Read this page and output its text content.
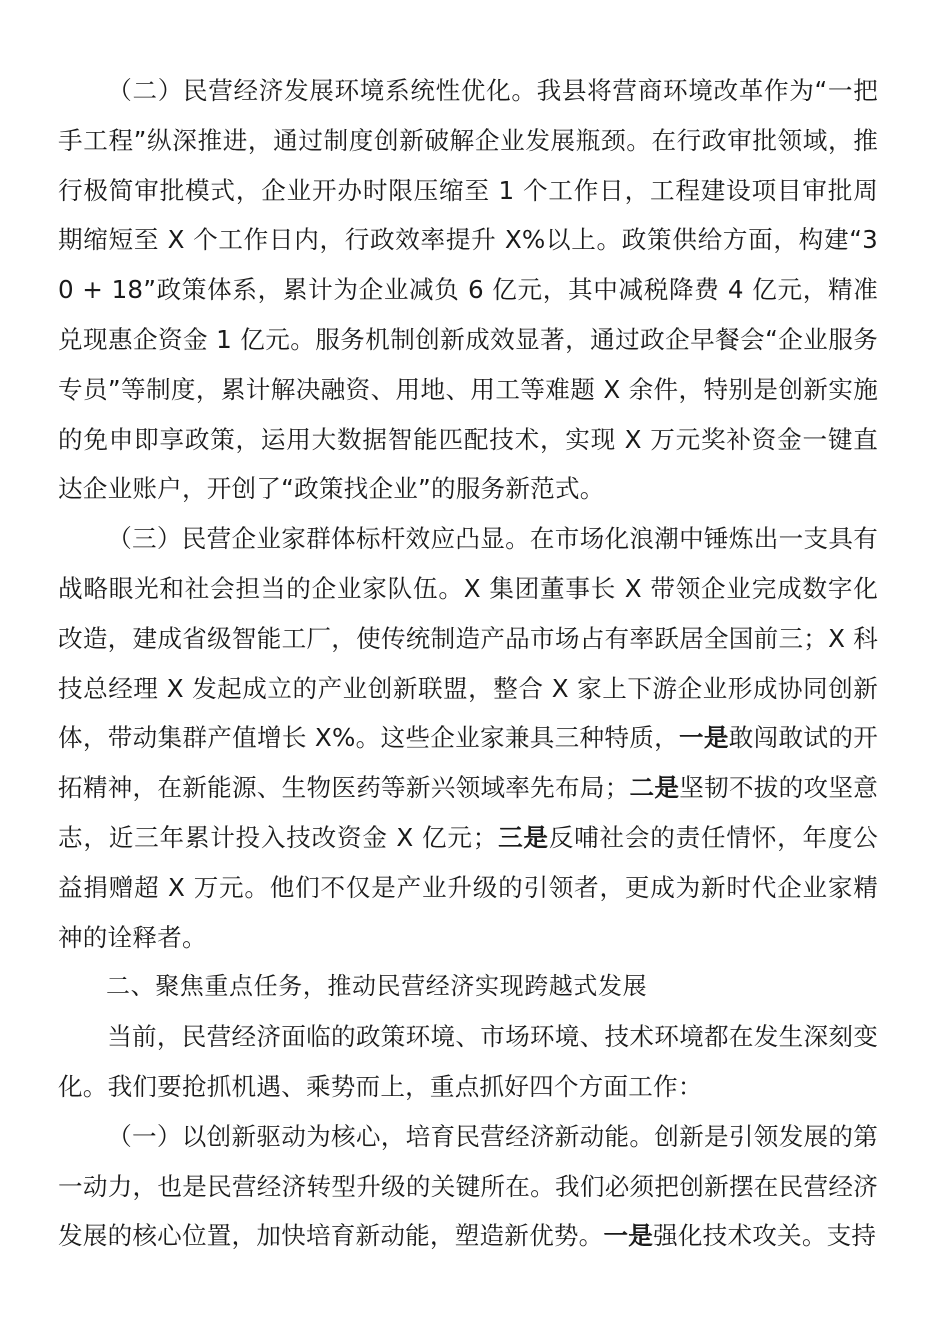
（二）民营经济发展环境系统性优化。我县将营商环境改革作为“一把手工程”纵深推进，通过制度创新破解企业发展瓶颈。在行政审批领域，推行极简审批模式，企业开办时限压缩至 1 个工作日，工程建设项目审批周期缩短至 X 个工作日内，行政效率提升 X%以上。政策供给方面，构建“30 + 18”政策体系，累计为企业减负 6 亿元，其中减税降费 4 亿元，精准兑现惠企资金 1 亿元。服务机制创新成效显著，通过政企早餐会“企业服务专员”等制度，累计解决融资、用地、用工等难题 X 余件，特别是创新实施的免申即享政策，运用大数据智能匹配技术，实现 X 万元奖补资金一键直达企业账户，开创了“政策找企业”的服务新范式。

（三）民营企业家群体标杆效应凸显。在市场化浪潮中锤炼出一支具有战略眼光和社会担当的企业家队伍。X 集团董事长 X 带领企业完成数字化改造，建成省级智能工厂，使传统制造产品市场占有率跃居全国前三；X 科技总经理 X 发起成立的产业创新联盟，整合 X 家上下游企业形成协同创新体，带动集群产值增长 X%。这些企业家兼具三种特质，一是敢闯敢试的开拓精神，在新能源、生物医药等新兴领域率先布局；二是坚韧不拔的攻坚意志，近三年累计投入技改资金 X 亿元；三是反哺社会的责任情怀，年度公益捐赠超 X 万元。他们不仅是产业升级的引领者，更成为新时代企业家精神的诠释者。

二、聚焦重点任务，推动民营经济实现跨越式发展

当前，民营经济面临的政策环境、市场环境、技术环境都在发生深刻变化。我们要抢抓机遇、乘势而上，重点抓好四个方面工作：

（一）以创新驱动为核心，培育民营经济新动能。创新是引领发展的第一动力，也是民营经济转型升级的关键所在。我们必须把创新摆在民营经济发展的核心位置，加快培育新动能，塑造新优势。一是强化技术攻关。支持
